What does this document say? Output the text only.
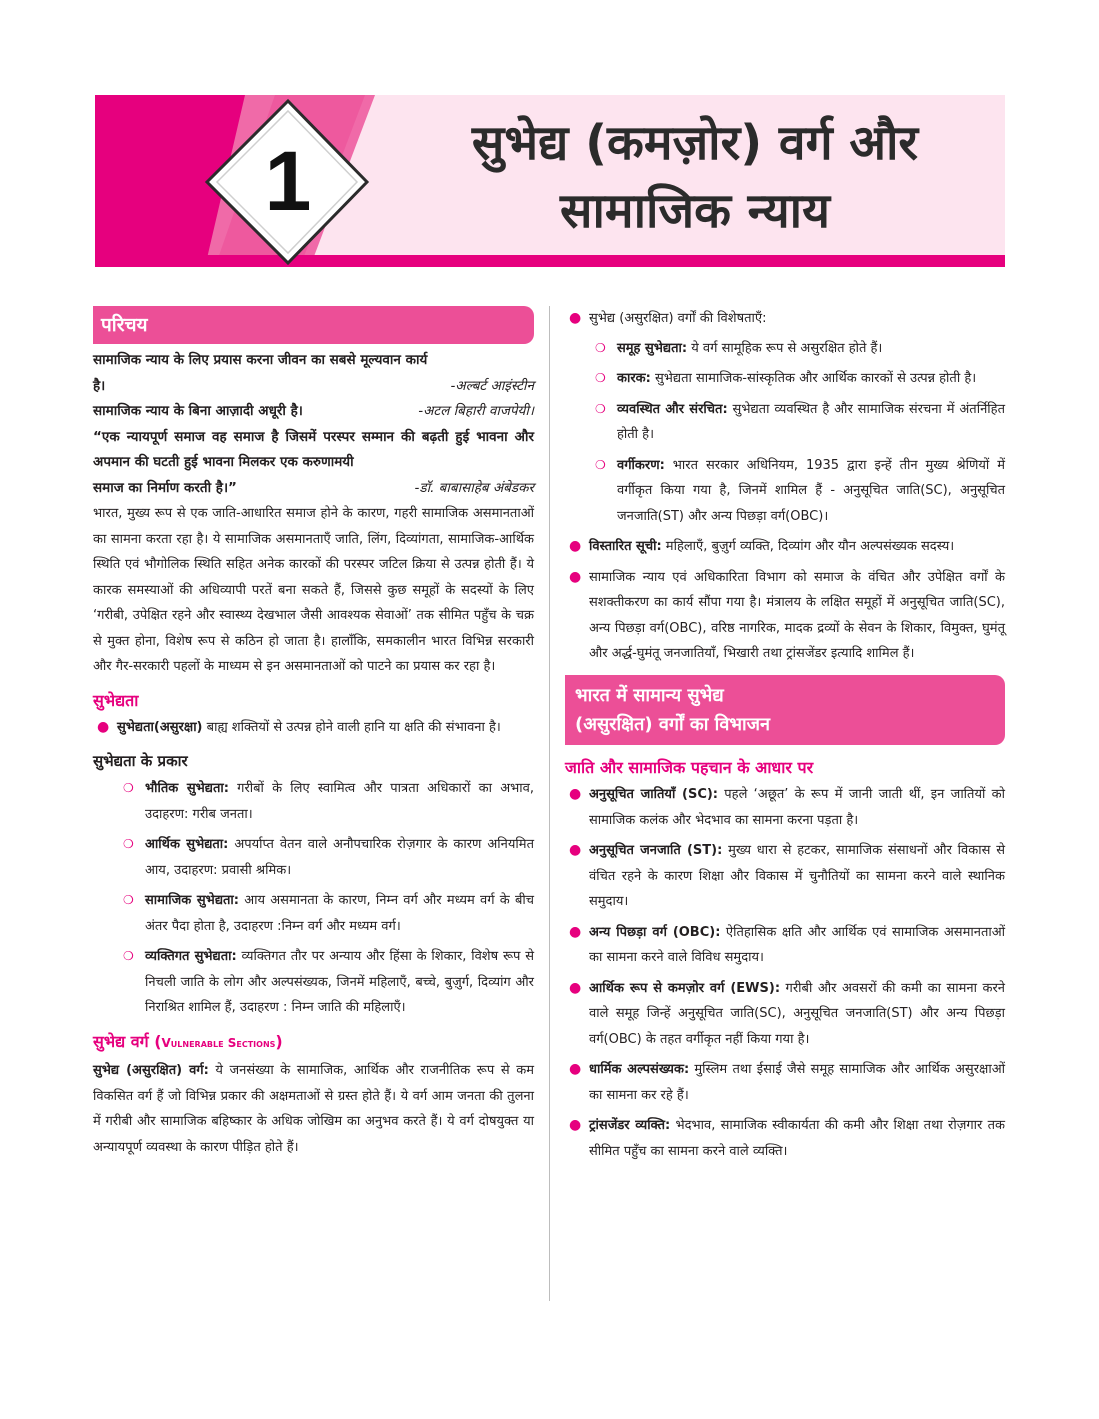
1	सुभेद्य (कमज़ोर) वर्ग और
सामाजिक न्याय
परिचय
सामाजिक न्याय के लिए प्रयास करना जीवन का सबसे मूल्यवान कार्य
है।	-अल्बर्ट आइंस्टीन
सामाजिक न्याय के बिना आज़ादी अधूरी है।	-अटल बिहारी वाजपेयी।
“एक न्यायपूर्ण समाज वह समाज है जिसमें परस्पर सम्मान की बढ़ती हुई भावना और अपमान की घटती हुई भावना मिलकर एक करुणामयी
समाज का निर्माण करती है।”	-डॉ. बाबासाहेब अंबेडकर

भारत, मुख्य रूप से एक जाति-आधारित समाज होने के कारण, गहरी सामाजिक असमानताओं का सामना करता रहा है। ये सामाजिक असमानताएँ जाति, लिंग, दिव्यांगता, सामाजिक-आर्थिक स्थिति एवं भौगोलिक स्थिति सहित अनेक कारकों की परस्पर जटिल क्रिया से उत्पन्न होती हैं। ये कारक समस्याओं की अधिव्यापी परतें बना सकते हैं, जिससे कुछ समूहों के सदस्यों के लिए ‘गरीबी, उपेक्षित रहने और स्वास्थ्य देखभाल जैसी आवश्यक सेवाओं’ तक सीमित पहुँच के चक्र से मुक्त होना, विशेष रूप से कठिन हो जाता है। हालाँकि, समकालीन भारत विभिन्न सरकारी और गैर-सरकारी पहलों के माध्यम से इन असमानताओं को पाटने का प्रयास कर रहा है।

सुभेद्यता
● सुभेद्यता(असुरक्षा) बाह्य शक्तियों से उत्पन्न होने वाली हानि या क्षति की संभावना है।
सुभेद्यता के प्रकार
❍ भौतिक सुभेद्यता: गरीबों के लिए स्वामित्व और पात्रता अधिकारों का अभाव, उदाहरण: गरीब जनता।
❍ आर्थिक सुभेद्यता: अपर्याप्त वेतन वाले अनौपचारिक रोज़गार के कारण अनियमित आय, उदाहरण: प्रवासी श्रमिक।
❍ सामाजिक सुभेद्यता: आय असमानता के कारण, निम्न वर्ग और मध्यम वर्ग के बीच अंतर पैदा होता है, उदाहरण :निम्न वर्ग और मध्यम वर्ग।
❍ व्यक्तिगत सुभेद्यता: व्यक्तिगत तौर पर अन्याय और हिंसा के शिकार, विशेष रूप से निचली जाति के लोग और अल्पसंख्यक, जिनमें महिलाएँ, बच्चे, बुज़ुर्ग, दिव्यांग और निराश्रित शामिल हैं, उदाहरण : निम्न जाति की महिलाएँ।
सुभेद्य वर्ग (Vulnerable Sections)

सुभेद्य (असुरक्षित) वर्ग: ये जनसंख्या के सामाजिक, आर्थिक और राजनीतिक रूप से कम विकसित वर्ग हैं जो विभिन्न प्रकार की अक्षमताओं से ग्रस्त होते हैं। ये वर्ग आम जनता की तुलना में गरीबी और सामाजिक बहिष्कार के अधिक जोखिम का अनुभव करते हैं। ये वर्ग दोषयुक्त या अन्यायपूर्ण व्यवस्था के कारण पीड़ित होते हैं।

● सुभेद्य (असुरक्षित) वर्गों की विशेषताएँ:
❍ समूह सुभेद्यता: ये वर्ग सामूहिक रूप से असुरक्षित होते हैं।
❍ कारक: सुभेद्यता सामाजिक-सांस्कृतिक और आर्थिक कारकों से उत्पन्न होती है।
❍ व्यवस्थित और संरचित: सुभेद्यता व्यवस्थित है और सामाजिक संरचना में अंतर्निहित होती है।
❍ वर्गीकरण: भारत सरकार अधिनियम, 1935 द्वारा इन्हें तीन मुख्य श्रेणियों में वर्गीकृत किया गया है, जिनमें शामिल हैं - अनुसूचित जाति(SC), अनुसूचित जनजाति(ST) और अन्य पिछड़ा वर्ग(OBC)।
● विस्तारित सूची: महिलाएँ, बुज़ुर्ग व्यक्ति, दिव्यांग और यौन अल्पसंख्यक सदस्य।
● सामाजिक न्याय एवं अधिकारिता विभाग को समाज के वंचित और उपेक्षित वर्गों के सशक्तीकरण का कार्य सौंपा गया है। मंत्रालय के लक्षित समूहों में अनुसूचित जाति(SC), अन्य पिछड़ा वर्ग(OBC), वरिष्ठ नागरिक, मादक द्रव्यों के सेवन के शिकार, विमुक्त, घुमंतू और अर्द्ध-घुमंतू जनजातियाँ, भिखारी तथा ट्रांसजेंडर इत्यादि शामिल हैं।
भारत में सामान्य सुभेद्य
(असुरक्षित) वर्गों का विभाजन
जाति और सामाजिक पहचान के आधार पर
● अनुसूचित जातियाँ (SC): पहले ‘अछूत’ के रूप में जानी जाती थीं, इन जातियों को सामाजिक कलंक और भेदभाव का सामना करना पड़ता है।
● अनुसूचित जनजाति (ST): मुख्य धारा से हटकर, सामाजिक संसाधनों और विकास से वंचित रहने के कारण शिक्षा और विकास में चुनौतियों का सामना करने वाले स्थानिक समुदाय।
● अन्य पिछड़ा वर्ग (OBC): ऐतिहासिक क्षति और आर्थिक एवं सामाजिक असमानताओं का सामना करने वाले विविध समुदाय।
● आर्थिक रूप से कमज़ोर वर्ग (EWS): गरीबी और अवसरों की कमी का सामना करने वाले समूह जिन्हें अनुसूचित जाति(SC), अनुसूचित जनजाति(ST) और अन्य पिछड़ा वर्ग(OBC) के तहत वर्गीकृत नहीं किया गया है।
● धार्मिक अल्पसंख्यक: मुस्लिम तथा ईसाई जैसे समूह सामाजिक और आर्थिक असुरक्षाओं का सामना कर रहे हैं।
● ट्रांसजेंडर व्यक्ति: भेदभाव, सामाजिक स्वीकार्यता की कमी और शिक्षा तथा रोज़गार तक सीमित पहुँच का सामना करने वाले व्यक्ति।
